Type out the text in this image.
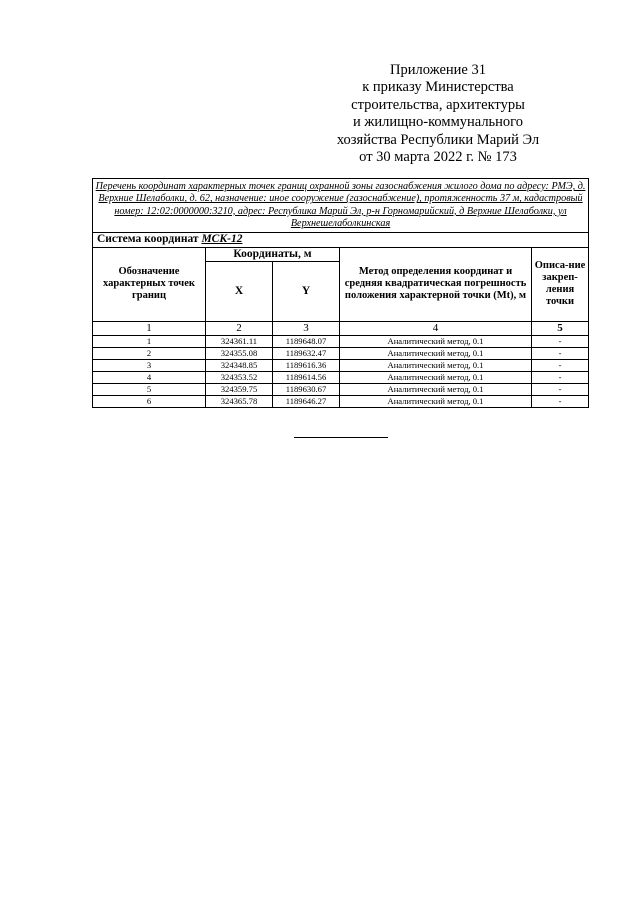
Приложение 31
к приказу Министерства
строительства, архитектуры
и жилищно-коммунального
хозяйства Республики Марий Эл
от 30 марта 2022 г. № 173
Перечень координат характерных точек границ охранной зоны газоснабжения жилого дома по адресу: РМЭ, д. Верхние Шелаболки, д. 62, назначение: иное сооружение (газоснабжение), протяженность 37 м, кадастровый номер: 12:02:0000000:3210, адрес: Республика Марий Эл, р-н Горномарийский, д Верхние Шелаболки, ул Верхнешелаболкинская				
Система координат МСК-12				
Обозначение характерных точек границ	Координаты, м		Метод определения координат и средняя квадратическая погрешность положения характерной точки (Mt), м	Описа-ние закреп-ления точки
	X	Y		
1	2	3	4	5
1	324361.11	1189648.07	Аналитический метод, 0.1	-
2	324355.08	1189632.47	Аналитический метод, 0.1	-
3	324348.85	1189616.36	Аналитический метод, 0.1	-
4	324353.52	1189614.56	Аналитический метод, 0.1	-
5	324359.75	1189630.67	Аналитический метод, 0.1	-
6	324365.78	1189646.27	Аналитический метод, 0.1	-
